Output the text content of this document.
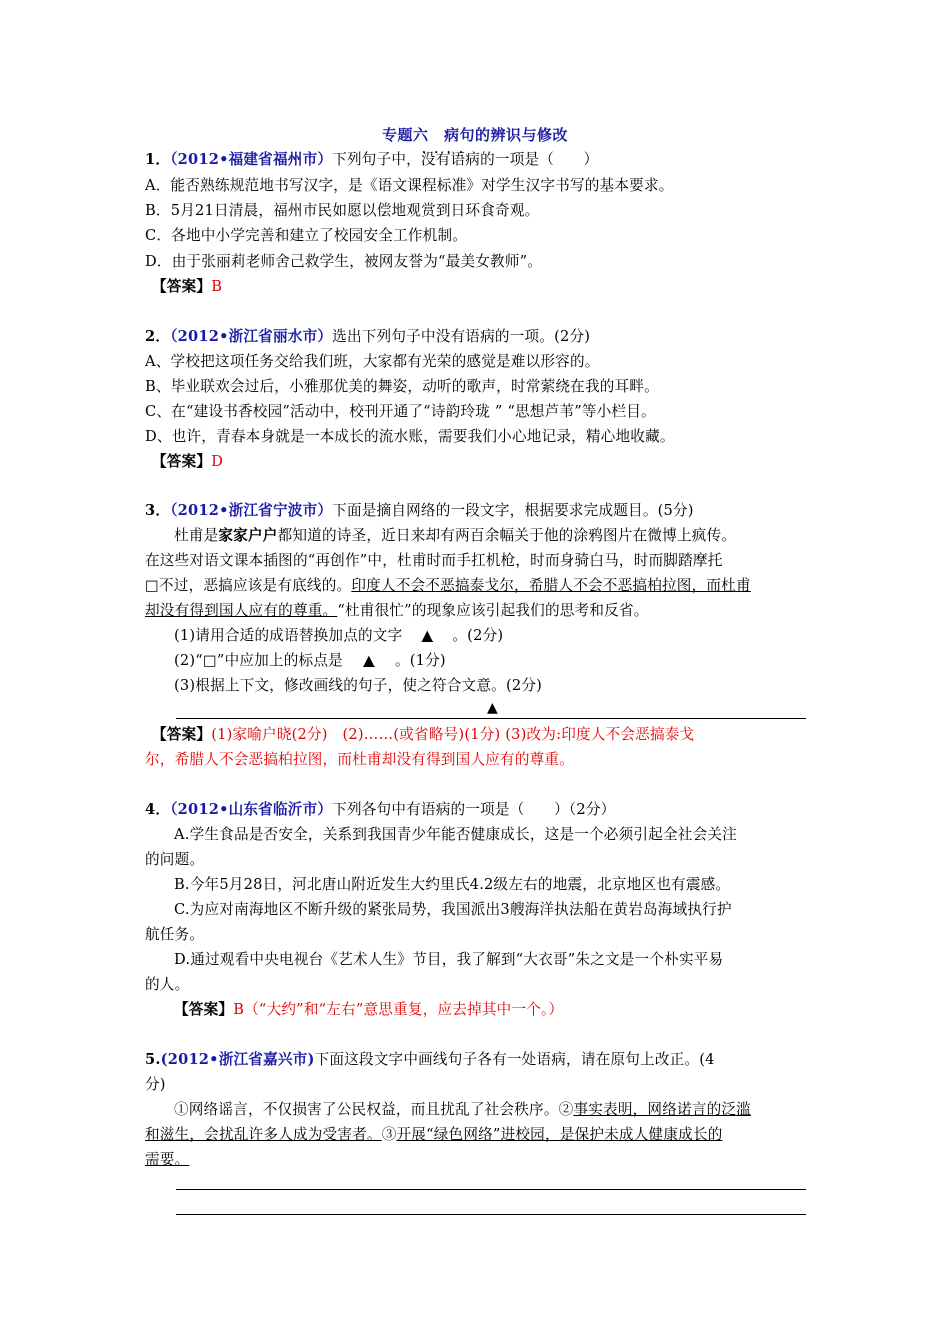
专题六　病句的辨识与修改
1．（2012•福建省福州市）下列句子中，没有语病 • • • •的一项是（　　）
A．能否熟练规范地书写汉字，是《语文课程标准》对学生汉字书写的基本要求。
B．5月21日清晨，福州市民如愿以偿地观赏到日环食奇观。
C．各地中小学完善和建立了校园安全工作机制。
D．由于张丽莉老师舍己救学生，被网友誉为“最美女教师”。
【答案】B
2．（2012•浙江省丽水市）选出下列句子中没有语病的一项。(2分)
A、学校把这项任务交给我们班，大家都有光荣的感觉是难以形容的。
B、毕业联欢会过后，小雅那优美的舞姿，动听的歌声，时常萦绕在我的耳畔。
C、在“建设书香校园”活动中，校刊开通了“诗韵玲珑 ” “思想芦苇”等小栏目。
D、也许，青春本身就是一本成长的流水账，需要我们小心地记录，精心地收藏。
【答案】D
3．（2012•浙江省宁波市）下面是摘自网络的一段文字，根据要求完成题目。(5分)
杜甫是家家户户都知道的诗圣，近日来却有两百余幅关于他的涂鸦图片在微博上疯传。
在这些对语文课本插图的“再创作”中，杜甫时而手扛机枪，时而身骑白马，时而脚踏摩托
□不过，恶搞应该是有底线的。印度人不会不恶搞泰戈尔，希腊人不会不恶搞柏拉图，而杜甫
却没有得到国人应有的尊重。“杜甫很忙”的现象应该引起我们的思考和反省。
(1)请用合适的成语替换加点的文字 ▲ 。(2分)
(2)“□”中应加上的标点是 ▲ 。(1分)
(3)根据上下文，修改画线的句子，使之符合文意。(2分)
▲
【答案】(1)家喻户晓(2分)　(2)……(或省略号)(1分) (3)改为:印度人不会恶搞泰戈
尔，希腊人不会恶搞柏拉图，而杜甫却没有得到国人应有的尊重。
4．（2012•山东省临沂市）下列各句中有语病的一项是（　　）（2分）
A.学生食品是否安全，关系到我国青少年能否健康成长，这是一个必须引起全社会关注
的问题。
B.今年5月28日，河北唐山附近发生大约里氏4.2级左右的地震，北京地区也有震感。
C.为应对南海地区不断升级的紧张局势，我国派出3艘海洋执法船在黄岩岛海域执行护
航任务。
D.通过观看中央电视台《艺术人生》节目，我了解到“大衣哥”朱之文是一个朴实平易
的人。
【答案】B（“大约”和“左右”意思重复，应去掉其中一个。）
5.(2012•浙江省嘉兴市)下面这段文字中画线句子各有一处语病，请在原句上改正。(4
分)
①网络谣言，不仅损害了公民权益，而且扰乱了社会秩序。②事实表明，网络诺言的泛滥
和滋生，会扰乱许多人成为受害者。③开展“绿色网络”进校园，是保护未成人健康成长的
需要。
